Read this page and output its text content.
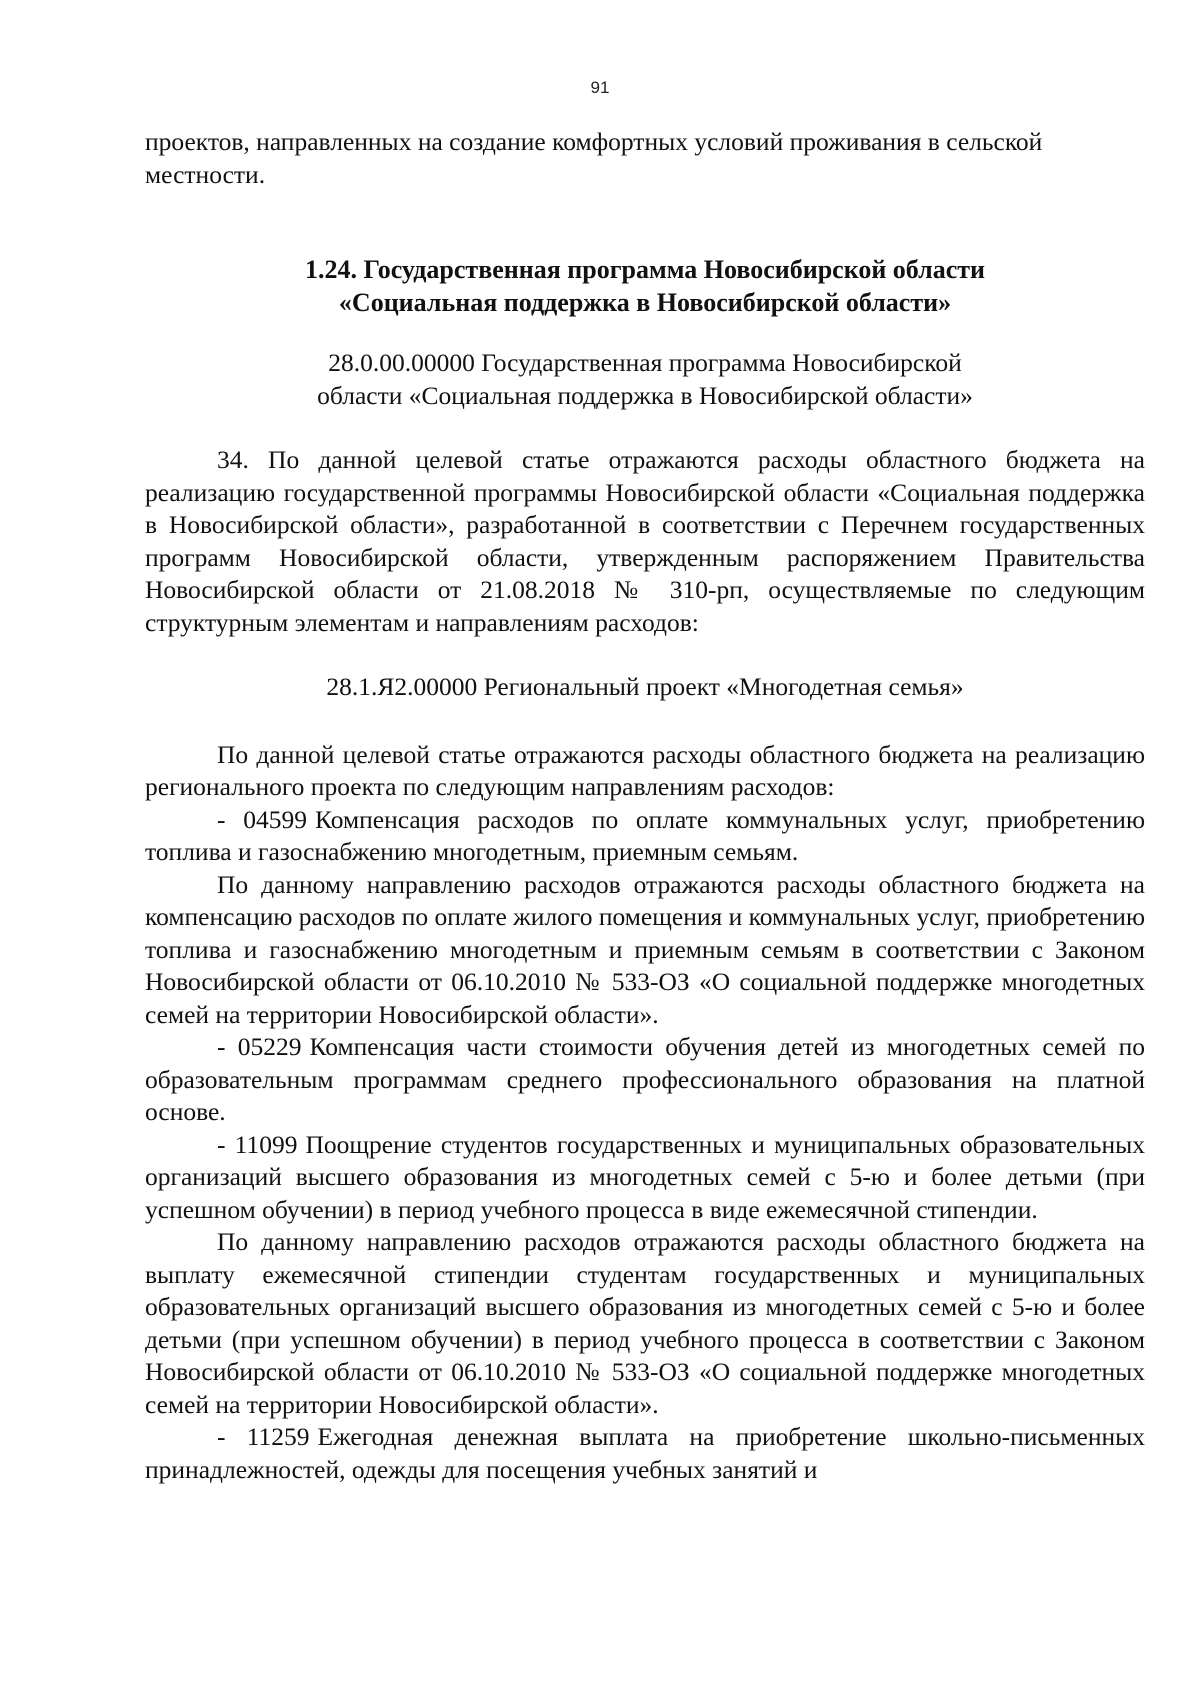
91

проектов, направленных на создание комфортных условий проживания в сельской
местности.

1.24. Государственная программа Новосибирской области
«Социальная поддержка в Новосибирской области»
28.0.00.00000 Государственная программа Новосибирской
области «Социальная поддержка в Новосибирской области»

34. По данной целевой статье отражаются расходы областного бюджета на реализацию государственной программы Новосибирской области «Социальная поддержка в Новосибирской области», разработанной в соответствии с Перечнем государственных программ Новосибирской области, утвержденным распоряжением Правительства Новосибирской области от 21.08.2018 № 310-рп, осуществляемые по следующим структурным элементам и направлениям расходов:

28.1.Я2.00000 Региональный проект «Многодетная семья»

По данной целевой статье отражаются расходы областного бюджета на реализацию регионального проекта по следующим направлениям расходов:

- 04599 Компенсация расходов по оплате коммунальных услуг, приобретению топлива и газоснабжению многодетным, приемным семьям.

По данному направлению расходов отражаются расходы областного бюджета на компенсацию расходов по оплате жилого помещения и коммунальных услуг, приобретению топлива и газоснабжению многодетным и приемным семьям в соответствии с Законом Новосибирской области от 06.10.2010 № 533-ОЗ «О социальной поддержке многодетных семей на территории Новосибирской области».

- 05229 Компенсация части стоимости обучения детей из многодетных семей по образовательным программам среднего профессионального образования на платной основе.

- 11099 Поощрение студентов государственных и муниципальных образовательных организаций высшего образования из многодетных семей с 5-ю и более детьми (при успешном обучении) в период учебного процесса в виде ежемесячной стипендии.

По данному направлению расходов отражаются расходы областного бюджета на выплату ежемесячной стипендии студентам государственных и муниципальных образовательных организаций высшего образования из многодетных семей с 5-ю и более детьми (при успешном обучении) в период учебного процесса в соответствии с Законом Новосибирской области от 06.10.2010 № 533-ОЗ «О социальной поддержке многодетных семей на территории Новосибирской области».

- 11259 Ежегодная денежная выплата на приобретение школьно-письменных принадлежностей, одежды для посещения учебных занятий и
